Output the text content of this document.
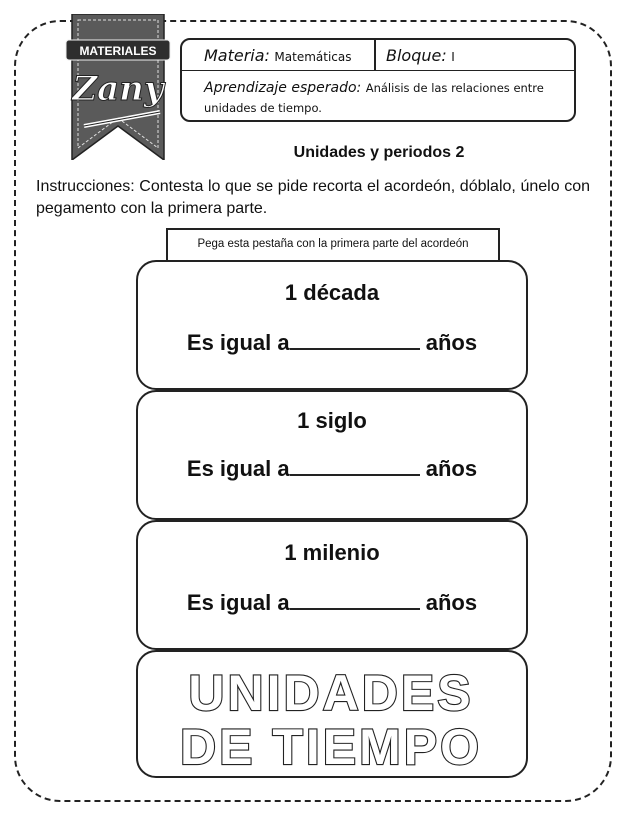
MATERIALES
Zany
Materia: Matemáticas Bloque: I
Aprendizaje esperado: Análisis de las relaciones entre unidades de tiempo.
Unidades y periodos 2
Instrucciones: Contesta lo que se pide recorta el acordeón, dóblalo, únelo con pegamento con la primera parte.
Pega esta pestaña con la primera parte del acordeón
1 década
Es igual a	años
1 siglo
Es igual a	años
1 milenio
Es igual a	años
UNIDADES
DE TIEMPO
